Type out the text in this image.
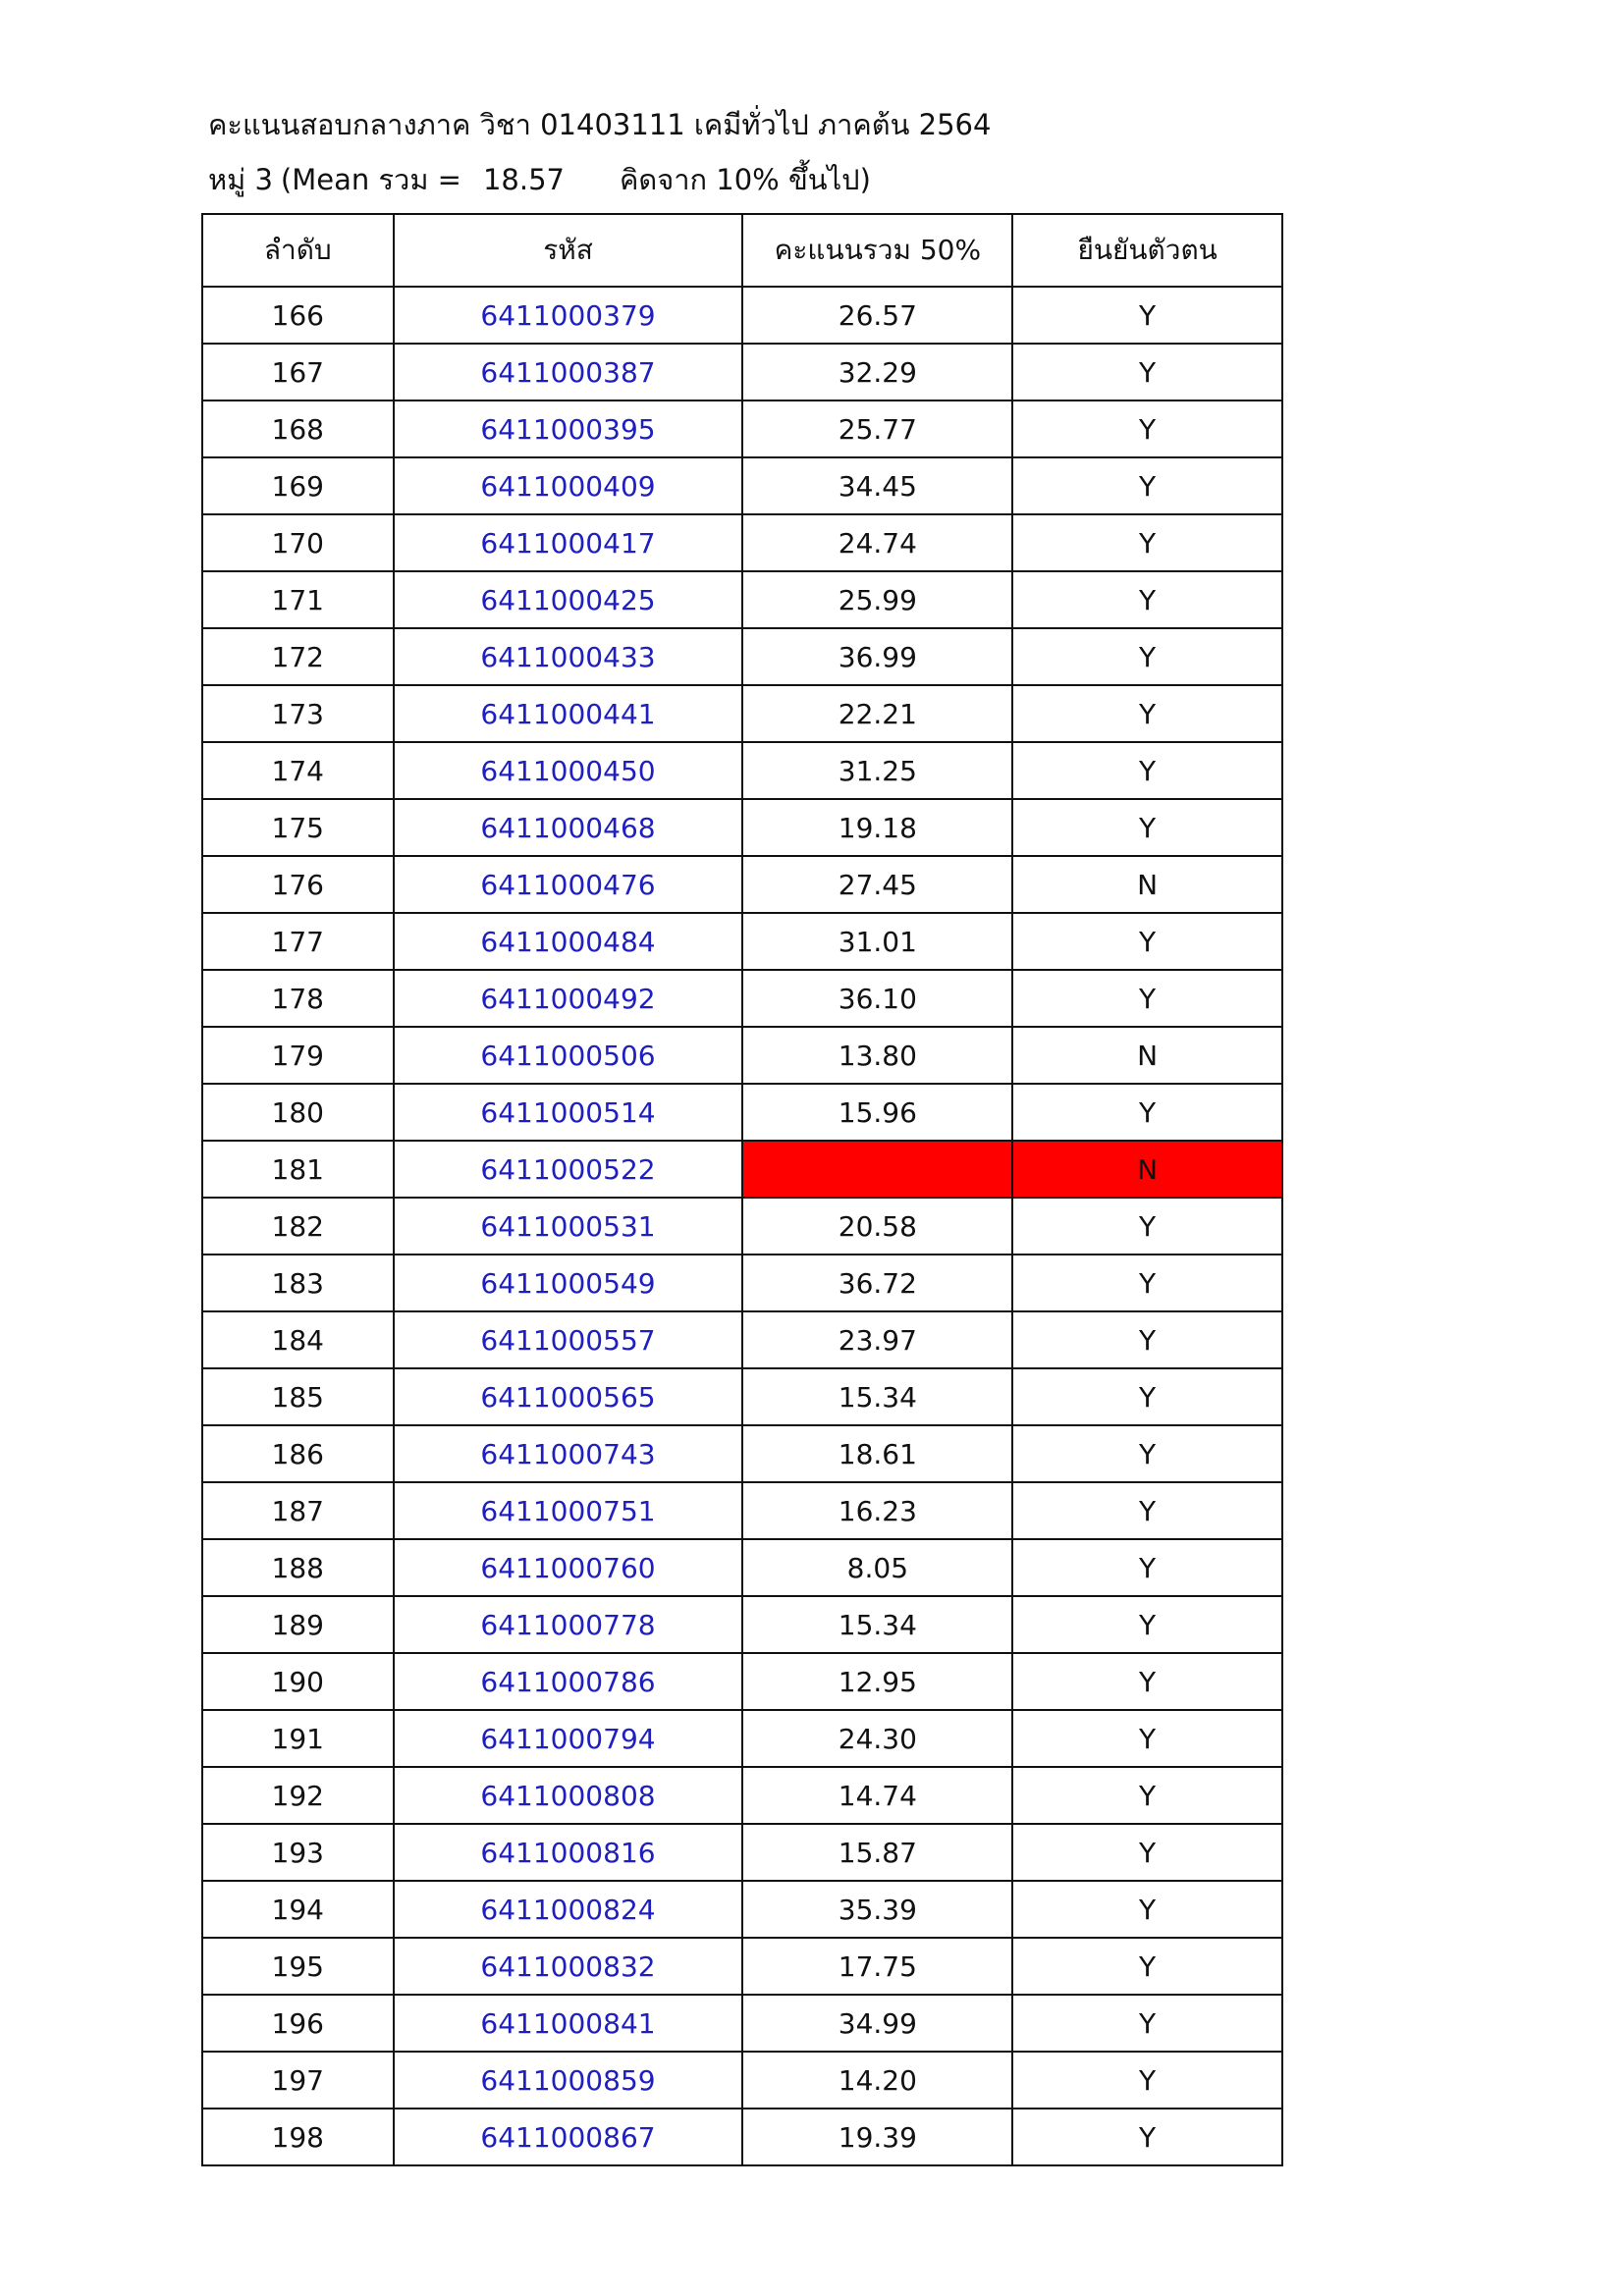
คะแนนสอบกลางภาค วิชา 01403111 เคมีทั่วไป ภาคต้น 2564
หมู่ 3 (Mean รวม = 18.57 คิดจาก 10% ขึ้นไป)
ลำดับ	รหัส	คะแนนรวม 50%	ยืนยันตัวตน
166	6411000379	26.57	Y
167	6411000387	32.29	Y
168	6411000395	25.77	Y
169	6411000409	34.45	Y
170	6411000417	24.74	Y
171	6411000425	25.99	Y
172	6411000433	36.99	Y
173	6411000441	22.21	Y
174	6411000450	31.25	Y
175	6411000468	19.18	Y
176	6411000476	27.45	N
177	6411000484	31.01	Y
178	6411000492	36.10	Y
179	6411000506	13.80	N
180	6411000514	15.96	Y
181	6411000522		N
182	6411000531	20.58	Y
183	6411000549	36.72	Y
184	6411000557	23.97	Y
185	6411000565	15.34	Y
186	6411000743	18.61	Y
187	6411000751	16.23	Y
188	6411000760	8.05	Y
189	6411000778	15.34	Y
190	6411000786	12.95	Y
191	6411000794	24.30	Y
192	6411000808	14.74	Y
193	6411000816	15.87	Y
194	6411000824	35.39	Y
195	6411000832	17.75	Y
196	6411000841	34.99	Y
197	6411000859	14.20	Y
198	6411000867	19.39	Y
